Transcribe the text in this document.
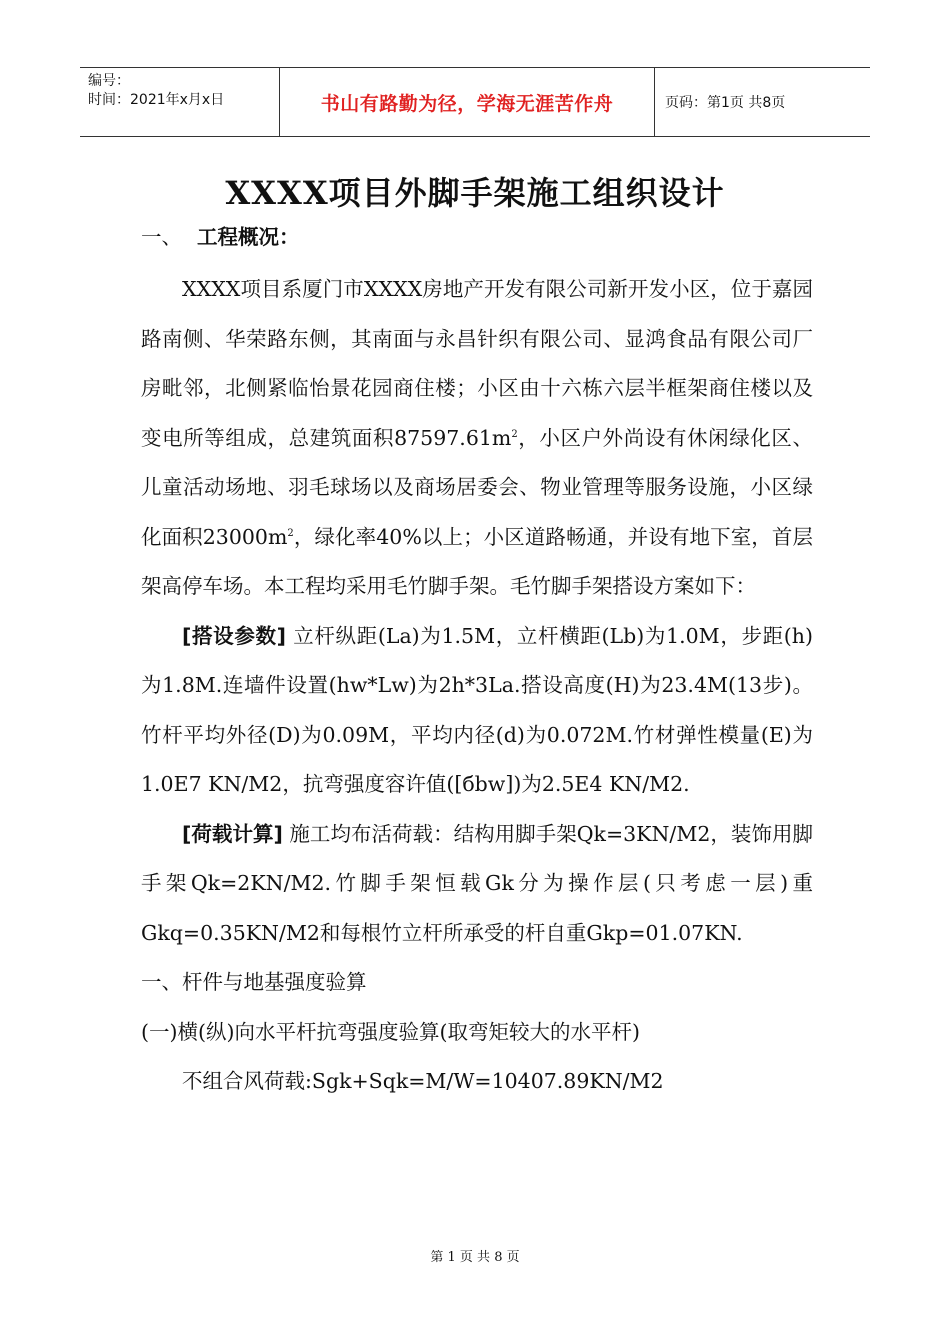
编号：
时间：2021年x月x日	书山有路勤为径，学海无涯苦作舟	页码：第1页 共8页
XXXX项目外脚手架施工组织设计
一、 工程概况：

XXXX项目系厦门市XXXX房地产开发有限公司新开发小区，位于嘉园路南侧、华荣路东侧，其南面与永昌针织有限公司、显鸿食品有限公司厂房毗邻，北侧紧临怡景花园商住楼；小区由十六栋六层半框架商住楼以及变电所等组成，总建筑面积$87597.61m^2$，小区户外尚设有休闲绿化区、儿童活动场地、羽毛球场以及商场居委会、物业管理等服务设施，小区绿化面积$23000m^2$，绿化率40%以上；小区道路畅通，并设有地下室，首层架高停车场。本工程均采用毛竹脚手架。毛竹脚手架搭设方案如下：

[搭设参数] 立杆纵距(La)为1.5M，立杆横距(Lb)为1.0M，步距(h)为1.8M.连墙件设置(hw*Lw)为2h*3La.搭设高度(H)为23.4M(13步)。竹杆平均外径(D)为0.09M，平均内径(d)为0.072M.竹材弹性模量(E)为1.0E7 KN/M2，抗弯强度容许值([бbw])为2.5E4 KN/M2.

[荷载计算] 施工均布活荷载：结构用脚手架Qk=3KN/M2，装饰用脚手架Qk=2KN/M2.竹脚手架恒载Gk分为操作层(只考虑一层)重Gkq=0.35KN/M2和每根竹立杆所承受的杆自重Gkp=01.07KN.

一、杆件与地基强度验算

(一)横(纵)向水平杆抗弯强度验算(取弯矩较大的水平杆)

不组合风荷载:Sgk+Sqk=M/W=10407.89KN/M2

第 1 页 共 8 页
